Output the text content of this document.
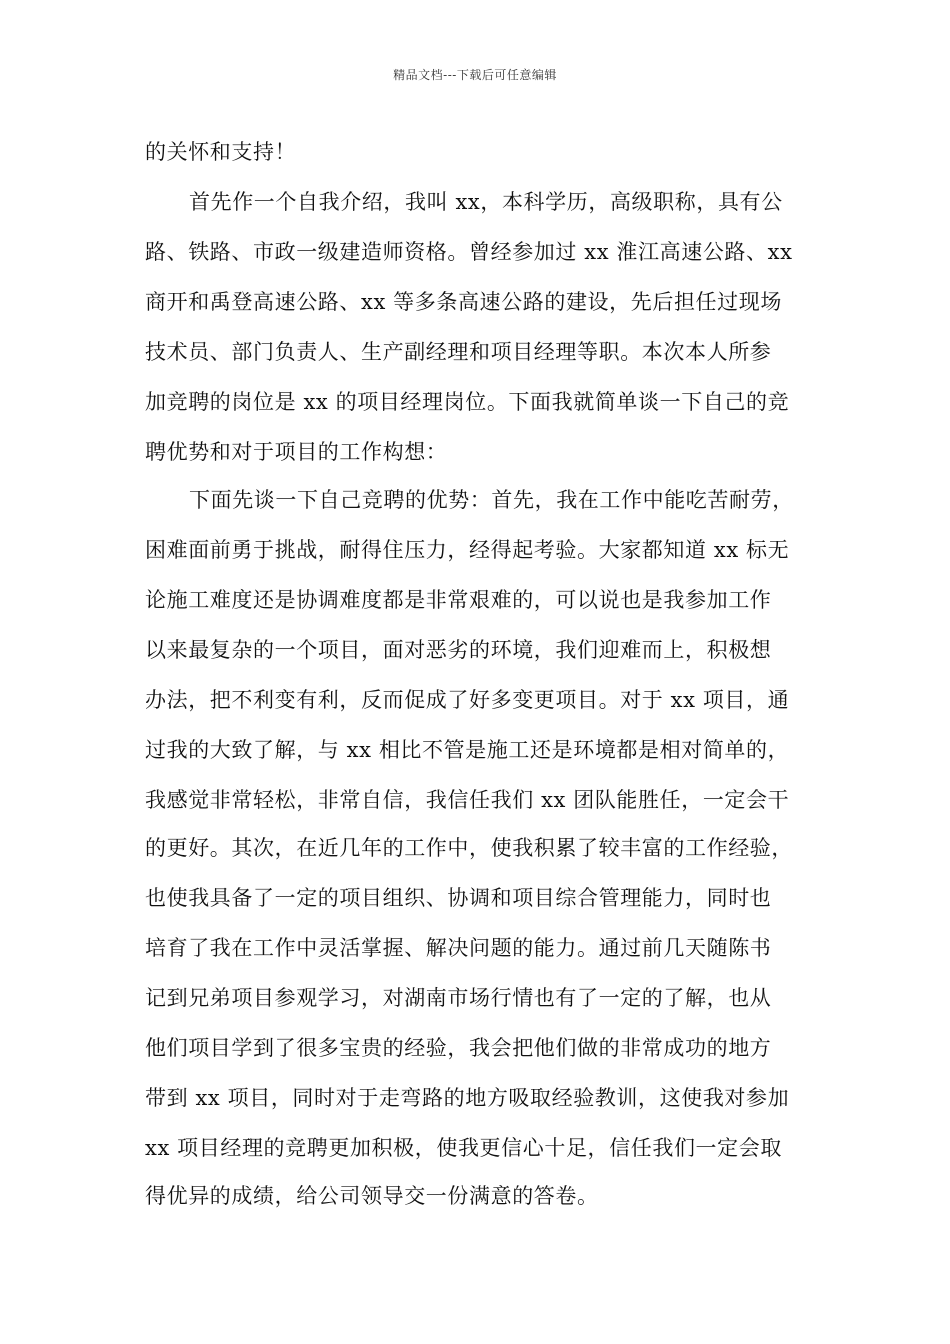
精品文档---下载后可任意编辑
的关怀和支持！
首先作一个自我介绍，我叫 xx，本科学历，高级职称，具有公
路、铁路、市政一级建造师资格。曾经参加过 xx 淮江高速公路、xx
商开和禹登高速公路、xx 等多条高速公路的建设，先后担任过现场
技术员、部门负责人、生产副经理和项目经理等职。本次本人所参
加竞聘的岗位是 xx 的项目经理岗位。下面我就简单谈一下自己的竞
聘优势和对于项目的工作构想：
下面先谈一下自己竞聘的优势：首先，我在工作中能吃苦耐劳，
困难面前勇于挑战，耐得住压力，经得起考验。大家都知道 xx 标无
论施工难度还是协调难度都是非常艰难的，可以说也是我参加工作
以来最复杂的一个项目，面对恶劣的环境，我们迎难而上，积极想
办法，把不利变有利，反而促成了好多变更项目。对于 xx 项目，通
过我的大致了解，与 xx 相比不管是施工还是环境都是相对简单的，
我感觉非常轻松，非常自信，我信任我们 xx 团队能胜任，一定会干
的更好。其次，在近几年的工作中，使我积累了较丰富的工作经验，
也使我具备了一定的项目组织、协调和项目综合管理能力，同时也
培育了我在工作中灵活掌握、解决问题的能力。通过前几天随陈书
记到兄弟项目参观学习，对湖南市场行情也有了一定的了解，也从
他们项目学到了很多宝贵的经验，我会把他们做的非常成功的地方
带到 xx 项目，同时对于走弯路的地方吸取经验教训，这使我对参加
xx 项目经理的竞聘更加积极，使我更信心十足，信任我们一定会取
得优异的成绩，给公司领导交一份满意的答卷。
